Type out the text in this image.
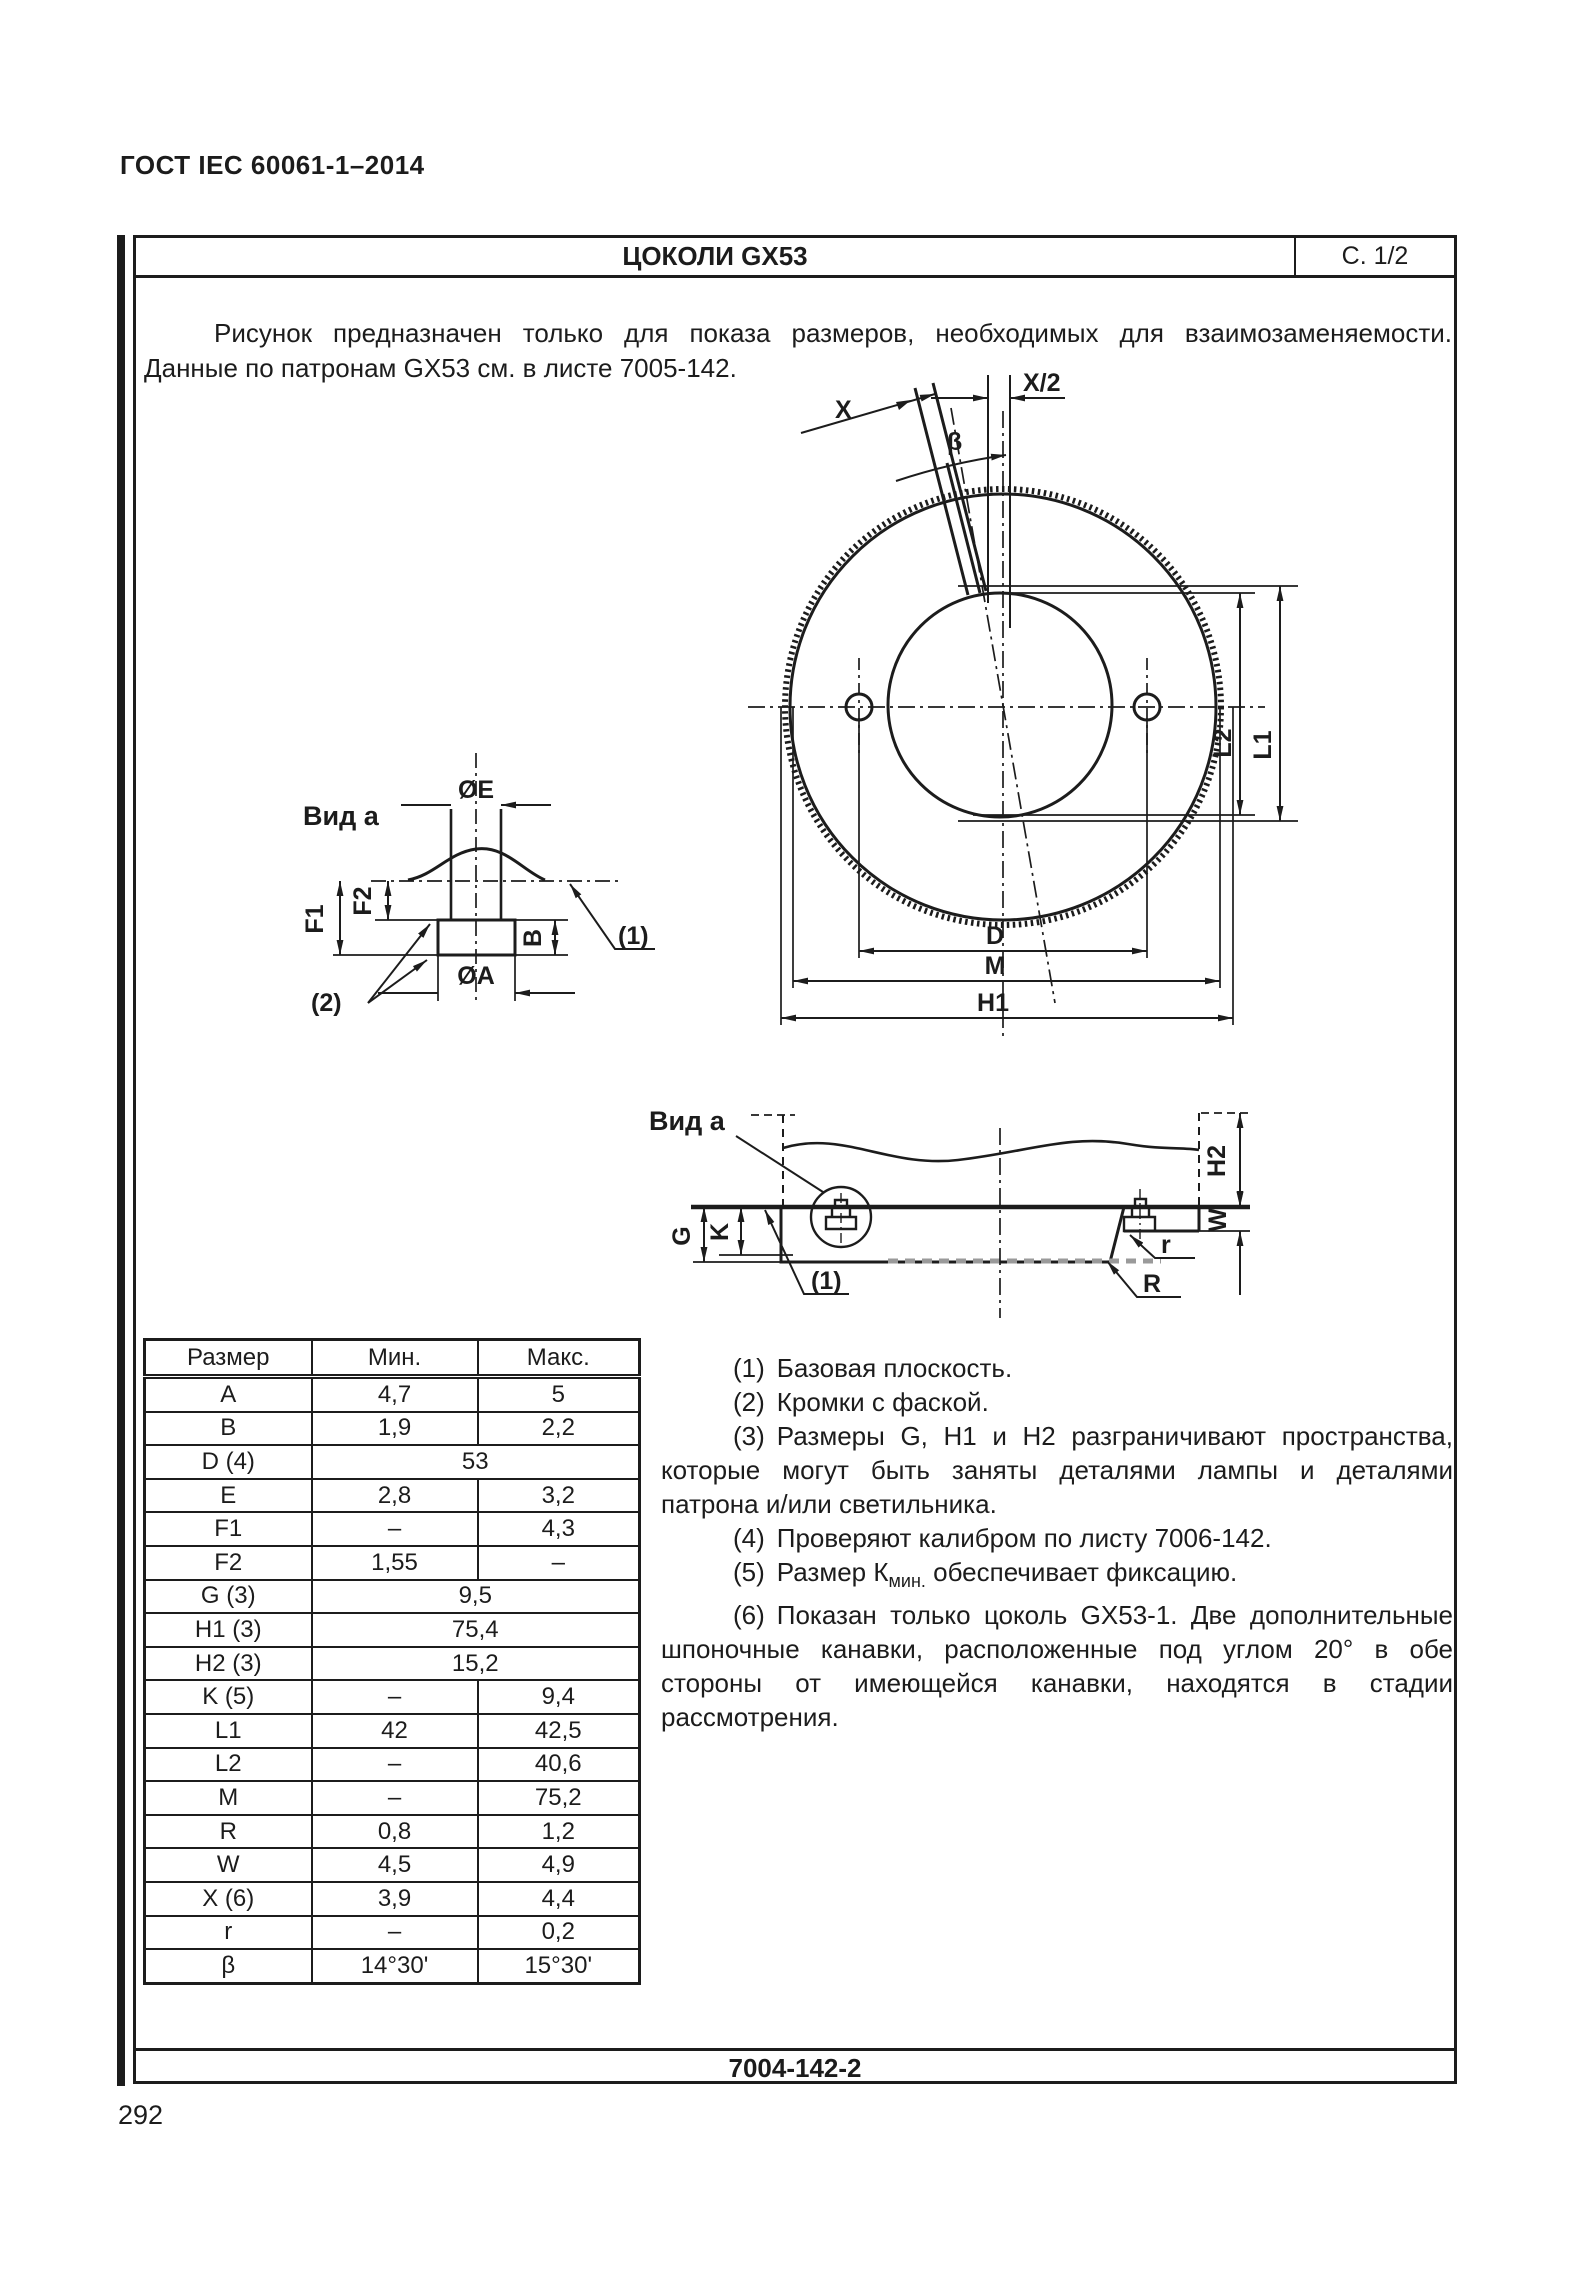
ГОСТ IEC 60061-1–2014
ЦОКОЛИ GX53	С. 1/2
Рисунок предназначен только для показа размеров, необходимых для взаимозаменяемости.
Данные по патронам GX53 см. в листе 7005-142.
X
X/2
β
L2 L1
D
M
H1
Вид а
ØE
F2
F1
B
ØA
(1)
(2)
Вид а
G K
H2
W
r
R
(1)
Размер	Мин.	Макс.
A	4,7	5
B	1,9	2,2
D (4)	53	
E	2,8	3,2
F1	–	4,3
F2	1,55	–
G (3)	9,5	
H1 (3)	75,4	
H2 (3)	15,2	
K (5)	–	9,4
L1	42	42,5
L2	–	40,6
M	–	75,2
R	0,8	1,2
W	4,5	4,9
X (6)	3,9	4,4
r	–	0,2
β	14°30'	15°30'

(1) Базовая плоскость.

(2) Кромки с фаской.

(3) Размеры G, H1 и H2 разграничивают пространства, которые могут быть заняты деталями лампы и деталями патрона и/или светильника.

(4) Проверяют калибром по листу 7006-142.

(5) Размер $К_{мин.}$ обеспечивает фиксацию.

(6) Показан только цоколь GX53-1. Две дополнительные шпоночные канавки, расположенные под углом 20° в обе стороны от имеющейся канавки, находятся в стадии рассмотрения.

7004-142-2
292
